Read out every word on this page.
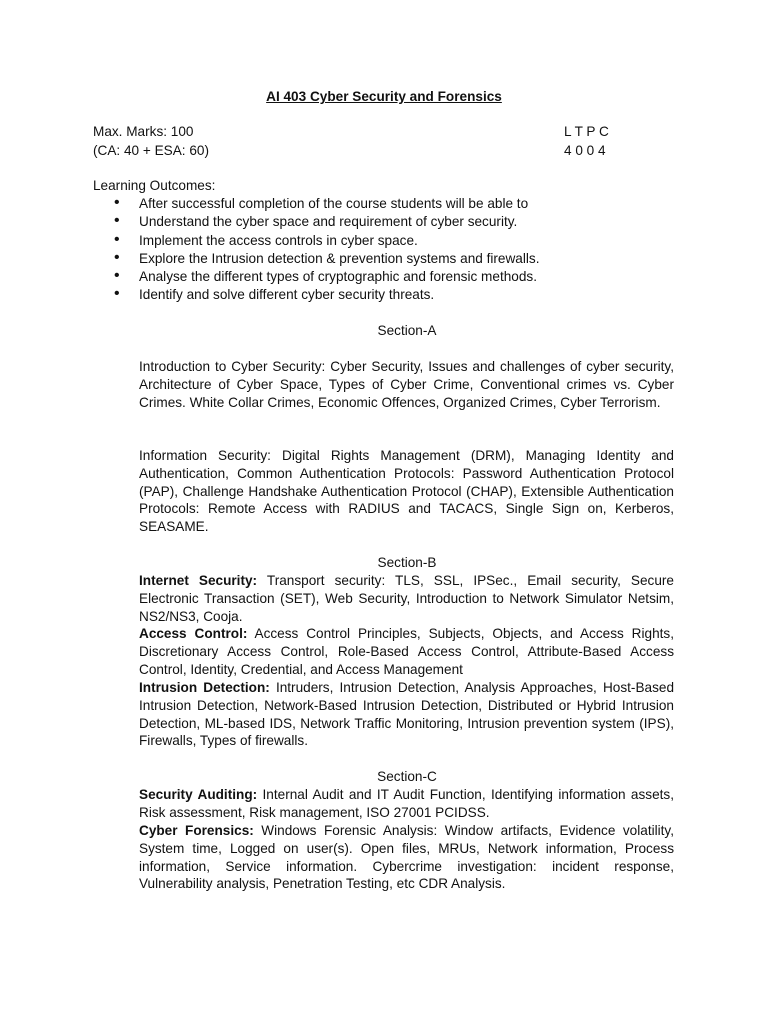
AI 403 Cyber Security and Forensics
Max. Marks: 100	L T P C
(CA: 40 + ESA: 60)	4 0 0 4
Learning Outcomes:
• After successful completion of the course students will be able to
• Understand the cyber space and requirement of cyber security.
• Implement the access controls in cyber space.
• Explore the Intrusion detection & prevention systems and firewalls.
• Analyse the different types of cryptographic and forensic methods.
• Identify and solve different cyber security threats.
Section-A
Introduction to Cyber Security: Cyber Security, Issues and challenges of cyber security, Architecture of Cyber Space, Types of Cyber Crime, Conventional crimes vs. Cyber Crimes. White Collar Crimes, Economic Offences, Organized Crimes, Cyber Terrorism.
Information Security: Digital Rights Management (DRM), Managing Identity and Authentication, Common Authentication Protocols: Password Authentication Protocol (PAP), Challenge Handshake Authentication Protocol (CHAP), Extensible Authentication Protocols: Remote Access with RADIUS and TACACS, Single Sign on, Kerberos, SEASAME.
Section-B
Internet Security: Transport security: TLS, SSL, IPSec., Email security, Secure Electronic Transaction (SET), Web Security, Introduction to Network Simulator Netsim, NS2/NS3, Cooja.
Access Control: Access Control Principles, Subjects, Objects, and Access Rights, Discretionary Access Control, Role-Based Access Control, Attribute-Based Access Control, Identity, Credential, and Access Management
Intrusion Detection: Intruders, Intrusion Detection, Analysis Approaches, Host-Based Intrusion Detection, Network-Based Intrusion Detection, Distributed or Hybrid Intrusion Detection, ML-based IDS, Network Traffic Monitoring, Intrusion prevention system (IPS), Firewalls, Types of firewalls.
Section-C
Security Auditing: Internal Audit and IT Audit Function, Identifying information assets, Risk assessment, Risk management, ISO 27001 PCIDSS.
Cyber Forensics: Windows Forensic Analysis: Window artifacts, Evidence volatility, System time, Logged on user(s). Open files, MRUs, Network information, Process information, Service information. Cybercrime investigation: incident response, Vulnerability analysis, Penetration Testing, etc CDR Analysis.
